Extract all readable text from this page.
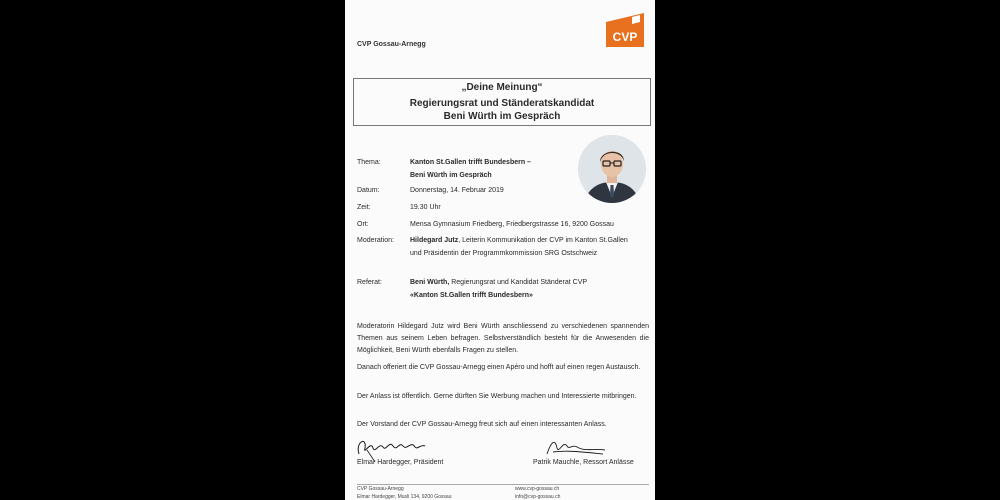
CVP Gossau-Arnegg
CVP
„Deine Meinung“
Regierungsrat und Ständeratskandidat
Beni Würth im Gespräch
Thema:	Kanton St.Gallen trifft Bundesbern –
Beni Würth im Gespräch
Datum:	Donnerstag, 14. Februar 2019
Zeit:	19.30 Uhr
Ort:	Mensa Gymnasium Friedberg, Friedbergstrasse 16, 9200 Gossau
Moderation:	Hildegard Jutz, Leiterin Kommunikation der CVP im Kanton St.Gallen
und Präsidentin der Programmkommission SRG Ostschweiz
Referat:	Beni Würth, Regierungsrat und Kandidat Ständerat CVP
«Kanton St.Gallen trifft Bundesbern»
Moderatorin Hildegard Jutz wird Beni Würth anschliessend zu verschiedenen spannenden Themen aus seinem Leben befragen. Selbstverständlich besteht für die Anwesenden die Möglichkeit, Beni Würth ebenfalls Fragen zu stellen.
Danach offeriert die CVP Gossau-Arnegg einen Apéro und hofft auf einen regen Austausch.
Der Anlass ist öffentlich. Gerne dürften Sie Werbung machen und Interessierte mitbringen.
Der Vorstand der CVP Gossau-Arnegg freut sich auf einen interessanten Anlass.
Elmar Hardegger, Präsident	Patrik Mauchle, Ressort Anlässe
CVP Gossau-Arnegg
Elmar Hardegger, Musli 134, 9200 Gossau
www.cvp-gossau.ch
info@cvp-gossau.ch
